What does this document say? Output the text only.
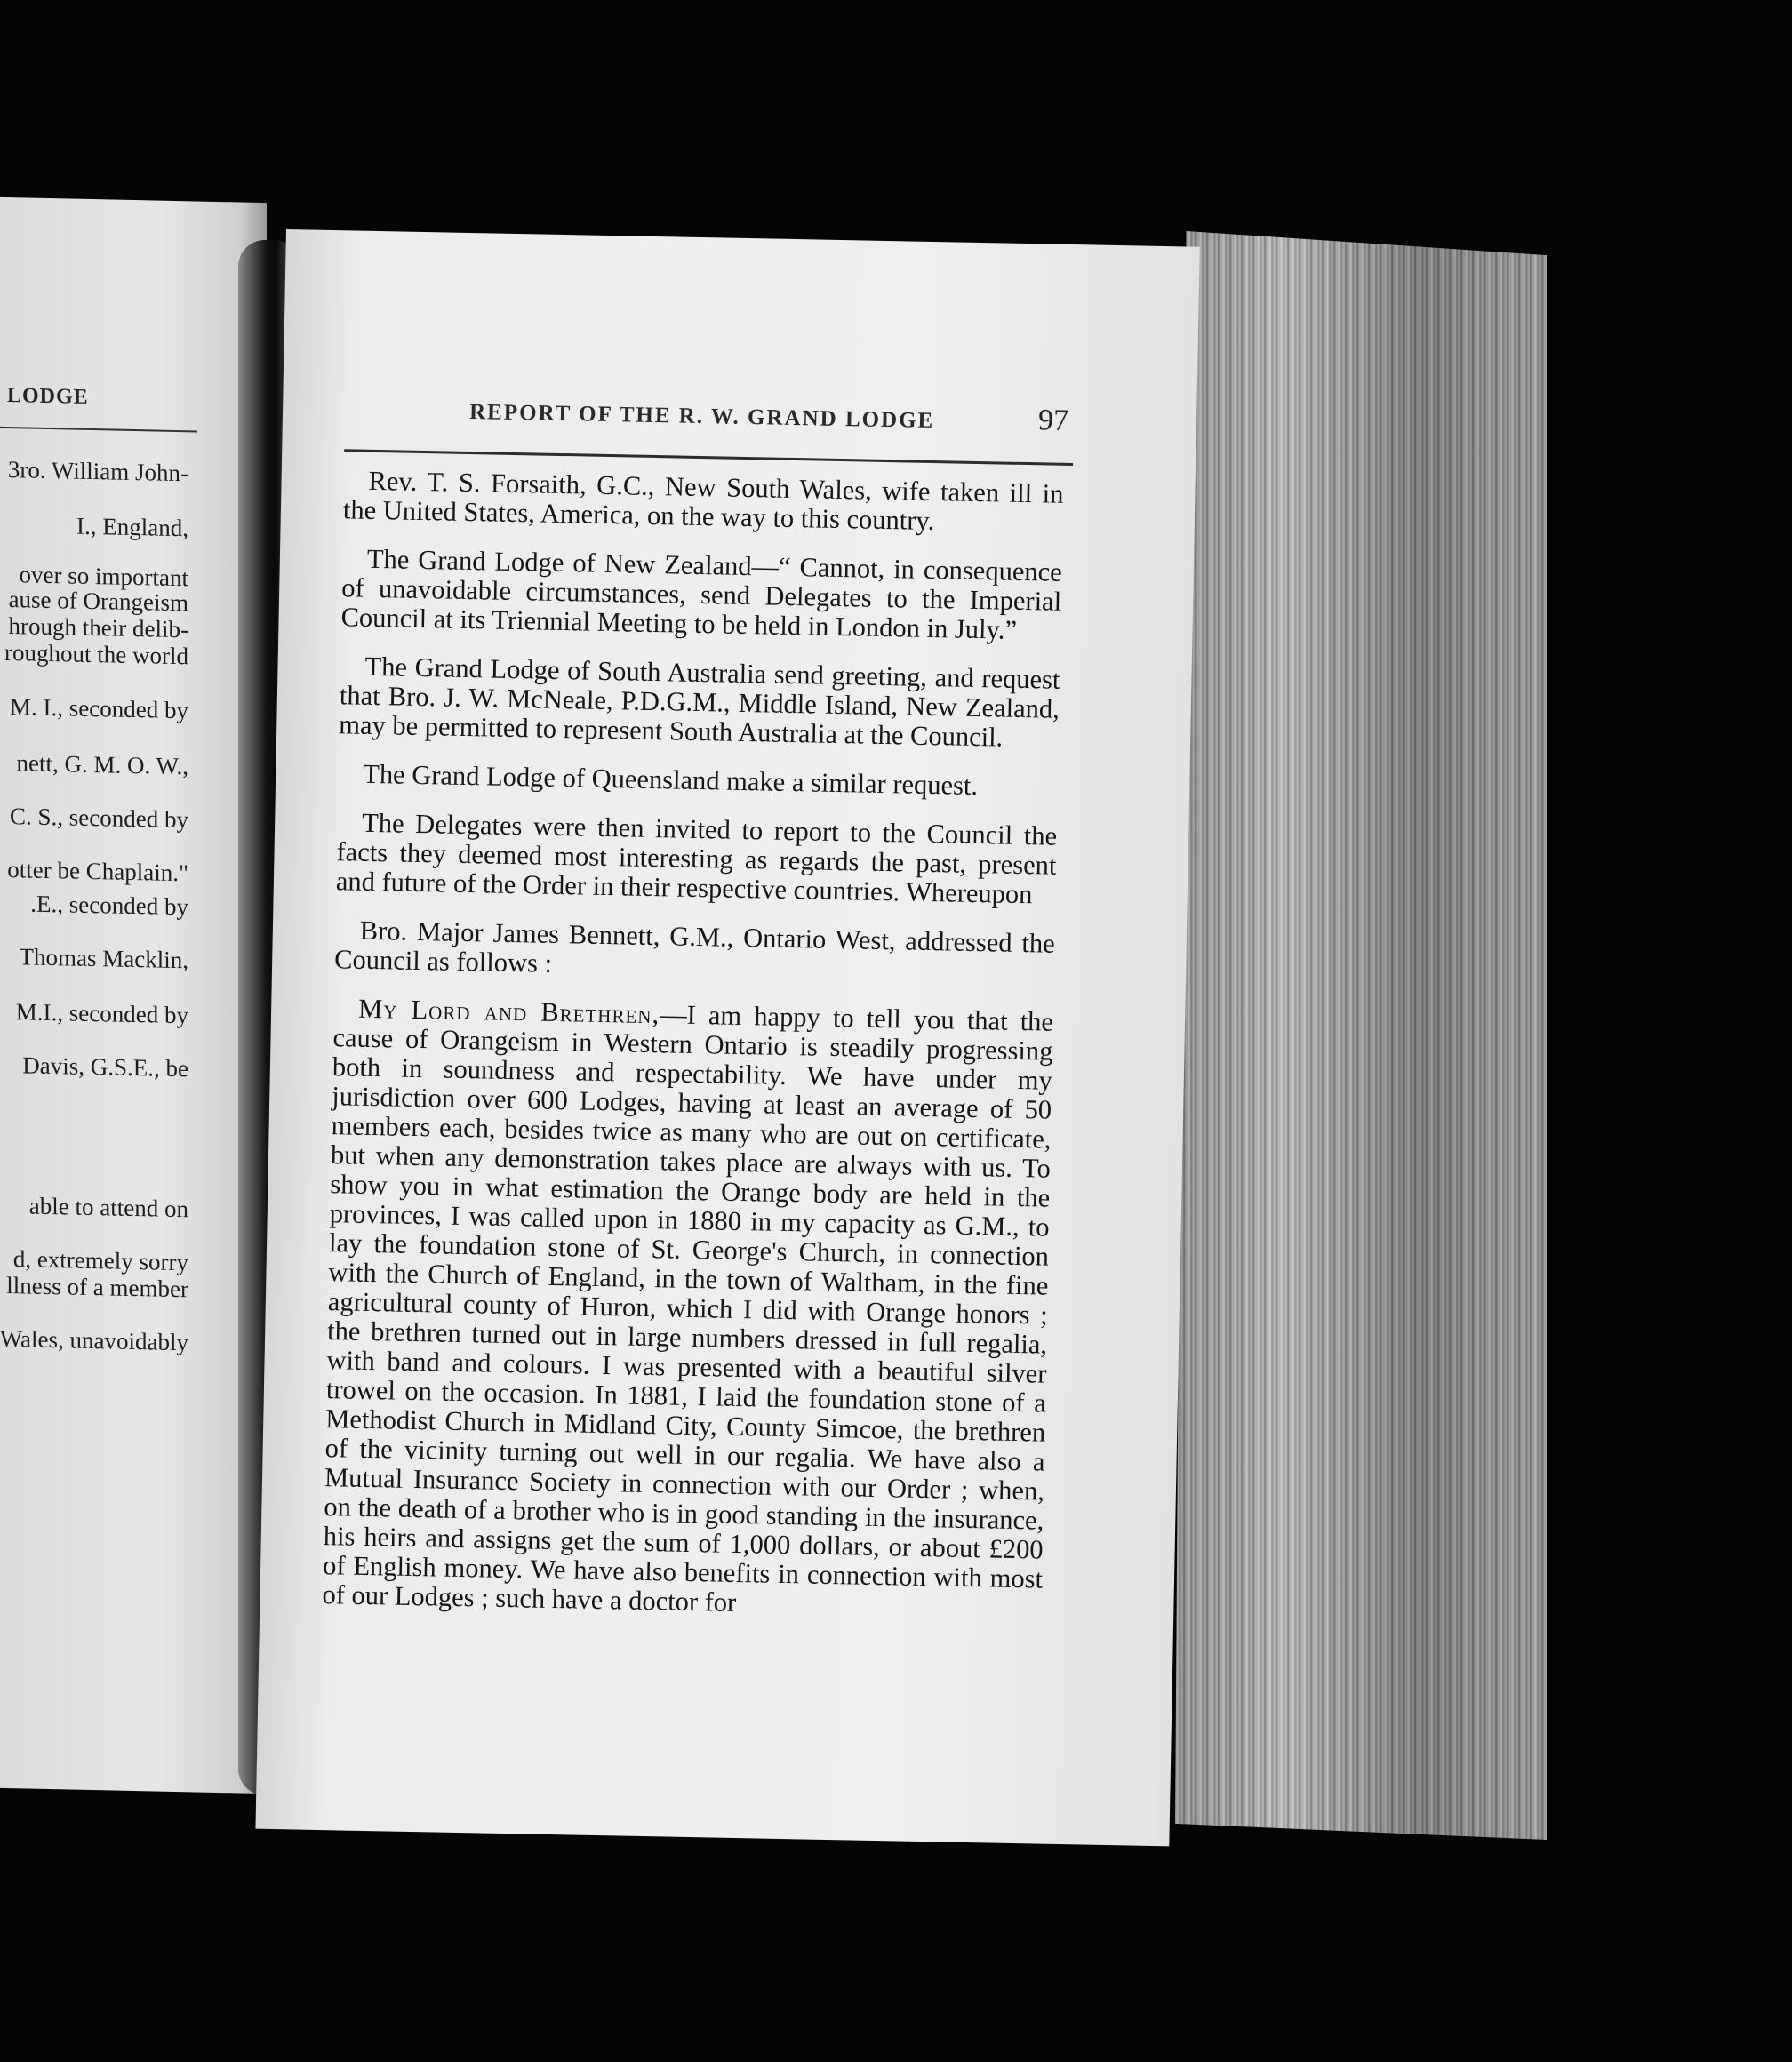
LODGE
3ro. William John-
I., England,
over so important
ause of Orangeism
hrough their delib-
roughout the world
M. I., seconded by
nett, G. M. O. W.,
C. S., seconded by
otter be Chaplain."
.E., seconded by
Thomas Macklin,
M.I., seconded by
Davis, G.S.E., be
able to attend on
d, extremely sorry
llness of a member
Wales, unavoidably
REPORT OF THE R. W. GRAND LODGE	97

Rev. T. S. Forsaith, G.C., New South Wales, wife taken ill in the United States, America, on the way to this country.

The Grand Lodge of New Zealand—“ Cannot, in consequence of unavoidable circumstances, send Delegates to the Imperial Council at its Triennial Meeting to be held in London in July.”

The Grand Lodge of South Australia send greeting, and request that Bro. J. W. McNeale, P.D.G.M., Middle Island, New Zealand, may be permitted to represent South Australia at the Council.

The Grand Lodge of Queensland make a similar request.

The Delegates were then invited to report to the Council the facts they deemed most interesting as regards the past, present and future of the Order in their respective countries. Whereupon

Bro. Major James Bennett, G.M., Ontario West, addressed the Council as follows :

My Lord and Brethren,—I am happy to tell you that the cause of Orangeism in Western Ontario is steadily progressing both in soundness and respectability. We have under my jurisdiction over 600 Lodges, having at least an average of 50 members each, besides twice as many who are out on certificate, but when any demonstration takes place are always with us. To show you in what estimation the Orange body are held in the provinces, I was called upon in 1880 in my capacity as G.M., to lay the foundation stone of St. George's Church, in connection with the Church of England, in the town of Waltham, in the fine agricultural county of Huron, which I did with Orange honors ; the brethren turned out in large numbers dressed in full regalia, with band and colours. I was presented with a beautiful silver trowel on the occasion. In 1881, I laid the foundation stone of a Methodist Church in Midland City, County Simcoe, the brethren of the vicinity turning out well in our regalia. We have also a Mutual Insurance Society in connection with our Order ; when, on the death of a brother who is in good standing in the insurance, his heirs and assigns get the sum of 1,000 dollars, or about £200 of English money. We have also benefits in connection with most of our Lodges ; such have a doctor for
